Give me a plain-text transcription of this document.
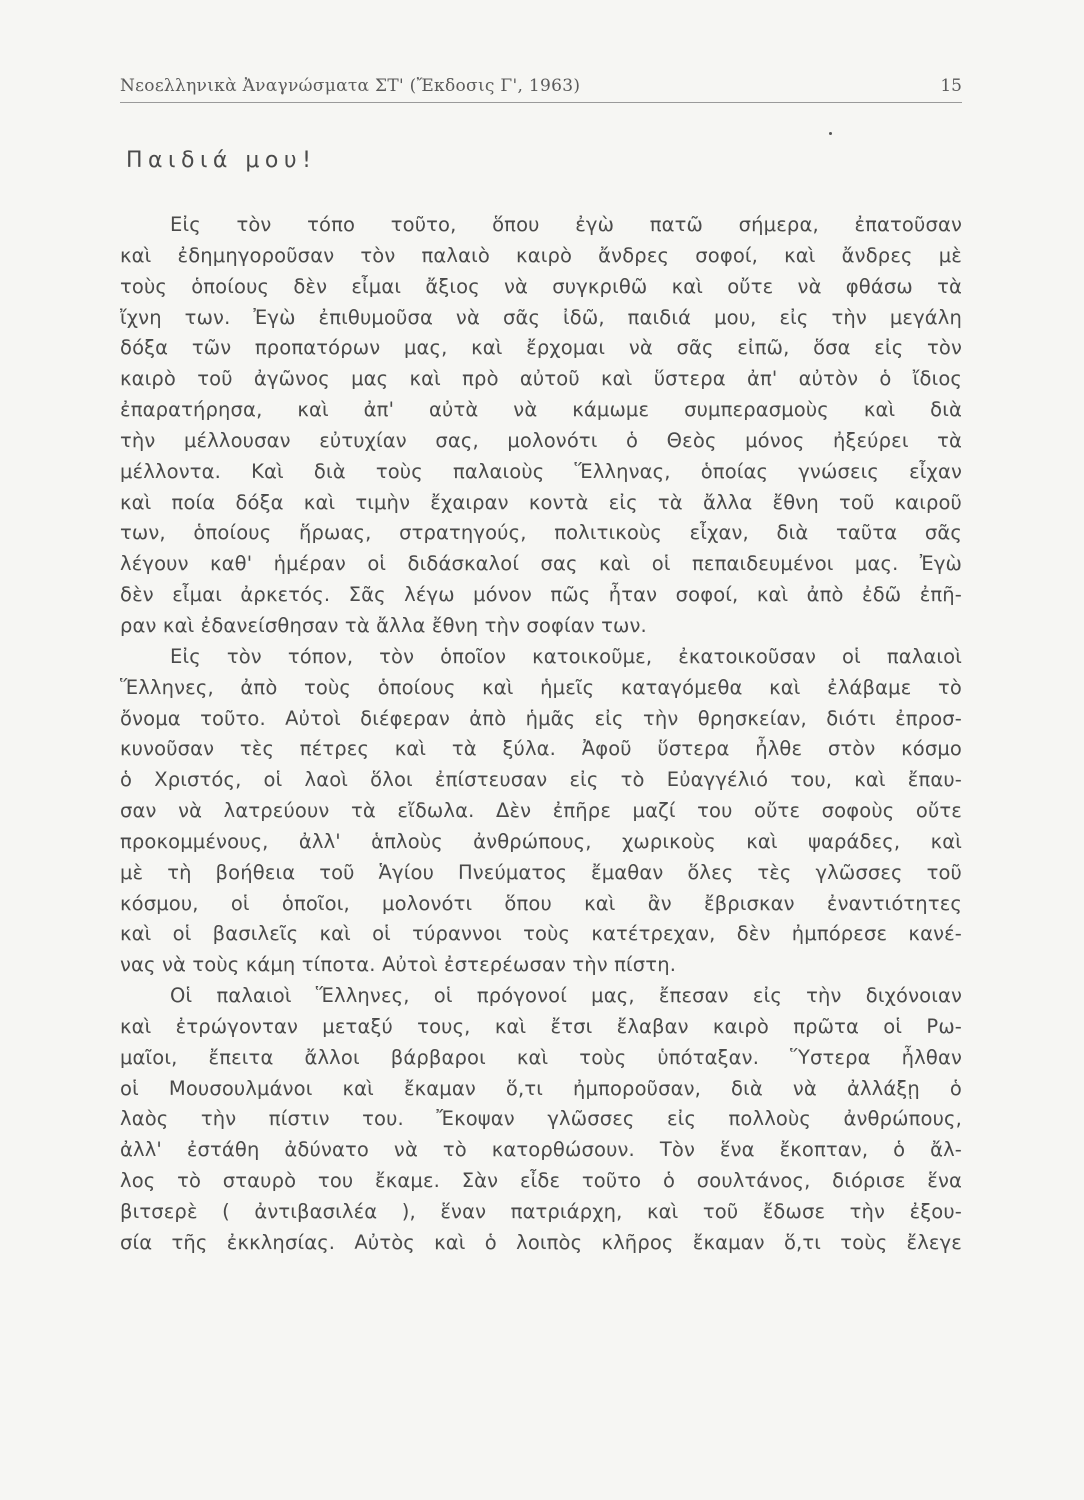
Νεοελληνικὰ Ἀναγνώσματα ΣΤ' (Ἔκδοσις Γ', 1963)	15
Παιδιά μου!
Εἰς τὸν τόπο τοῦτο, ὅπου ἐγὼ πατῶ σήμερα, ἐπατοῦσαν
καὶ ἐδημηγοροῦσαν τὸν παλαιὸ καιρὸ ἄνδρες σοφοί, καὶ ἄνδρες μὲ
τοὺς ὁποίους δὲν εἶμαι ἄξιος νὰ συγκριθῶ καὶ οὔτε νὰ φθάσω τὰ
ἴχνη των. Ἐγὼ ἐπιθυμοῦσα νὰ σᾶς ἰδῶ, παιδιά μου, εἰς τὴν μεγάλη
δόξα τῶν προπατόρων μας, καὶ ἔρχομαι νὰ σᾶς εἰπῶ, ὅσα εἰς τὸν
καιρὸ τοῦ ἀγῶνος μας καὶ πρὸ αὐτοῦ καὶ ὕστερα ἀπ' αὐτὸν ὁ ἴδιος
ἐπαρατήρησα, καὶ ἀπ' αὐτὰ νὰ κάμωμε συμπερασμοὺς καὶ διὰ
τὴν μέλλουσαν εὐτυχίαν σας, μολονότι ὁ Θεὸς μόνος ἠξεύρει τὰ
μέλλοντα. Καὶ διὰ τοὺς παλαιοὺς Ἕλληνας, ὁποίας γνώσεις εἶχαν
καὶ ποία δόξα καὶ τιμὴν ἔχαιραν κοντὰ εἰς τὰ ἄλλα ἔθνη τοῦ καιροῦ
των, ὁποίους ἥρωας, στρατηγούς, πολιτικοὺς εἶχαν, διὰ ταῦτα σᾶς
λέγουν καθ' ἡμέραν οἱ διδάσκαλοί σας καὶ οἱ πεπαιδευμένοι μας. Ἐγὼ
δὲν εἶμαι ἀρκετός. Σᾶς λέγω μόνον πῶς ἦταν σοφοί, καὶ ἀπὸ ἐδῶ ἐπῆ-
ραν καὶ ἐδανείσθησαν τὰ ἄλλα ἔθνη τὴν σοφίαν των.
Εἰς τὸν τόπον, τὸν ὁποῖον κατοικοῦμε, ἐκατοικοῦσαν οἱ παλαιοὶ
Ἕλληνες, ἀπὸ τοὺς ὁποίους καὶ ἡμεῖς καταγόμεθα καὶ ἐλάβαμε τὸ
ὄνομα τοῦτο. Αὐτοὶ διέφεραν ἀπὸ ἡμᾶς εἰς τὴν θρησκείαν, διότι ἐπροσ-
κυνοῦσαν τὲς πέτρες καὶ τὰ ξύλα. Ἀφοῦ ὕστερα ἦλθε στὸν κόσμο
ὁ Χριστός, οἱ λαοὶ ὅλοι ἐπίστευσαν εἰς τὸ Εὐαγγέλιό του, καὶ ἔπαυ-
σαν νὰ λατρεύουν τὰ εἴδωλα. Δὲν ἐπῆρε μαζί του οὔτε σοφοὺς οὔτε
προκομμένους, ἀλλ' ἁπλοὺς ἀνθρώπους, χωρικοὺς καὶ ψαράδες, καὶ
μὲ τὴ βοήθεια τοῦ Ἁγίου Πνεύματος ἔμαθαν ὅλες τὲς γλῶσσες τοῦ
κόσμου, οἱ ὁποῖοι, μολονότι ὅπου καὶ ἂν ἔβρισκαν ἐναντιότητες
καὶ οἱ βασιλεῖς καὶ οἱ τύραννοι τοὺς κατέτρεχαν, δὲν ἠμπόρεσε κανέ-
νας νὰ τοὺς κάμη τίποτα. Αὐτοὶ ἐστερέωσαν τὴν πίστη.
Οἱ παλαιοὶ Ἕλληνες, οἱ πρόγονοί μας, ἔπεσαν εἰς τὴν διχόνοιαν
καὶ ἐτρώγονταν μεταξύ τους, καὶ ἔτσι ἔλαβαν καιρὸ πρῶτα οἱ Ρω-
μαῖοι, ἔπειτα ἄλλοι βάρβαροι καὶ τοὺς ὑπόταξαν. Ὕστερα ἦλθαν
οἱ Μουσουλμάνοι καὶ ἔκαμαν ὅ,τι ἠμποροῦσαν, διὰ νὰ ἀλλάξῃ ὁ
λαὸς τὴν πίστιν του. Ἔκοψαν γλῶσσες εἰς πολλοὺς ἀνθρώπους,
ἀλλ' ἐστάθη ἀδύνατο νὰ τὸ κατορθώσουν. Τὸν ἕνα ἔκοπταν, ὁ ἄλ-
λος τὸ σταυρὸ του ἔκαμε. Σὰν εἶδε τοῦτο ὁ σουλτάνος, διόρισε ἕνα
βιτσερὲ ( ἀντιβασιλέα ), ἕναν πατριάρχη, καὶ τοῦ ἔδωσε τὴν ἐξου-
σία τῆς ἐκκλησίας. Αὐτὸς καὶ ὁ λοιπὸς κλῆρος ἔκαμαν ὅ,τι τοὺς ἔλεγε
